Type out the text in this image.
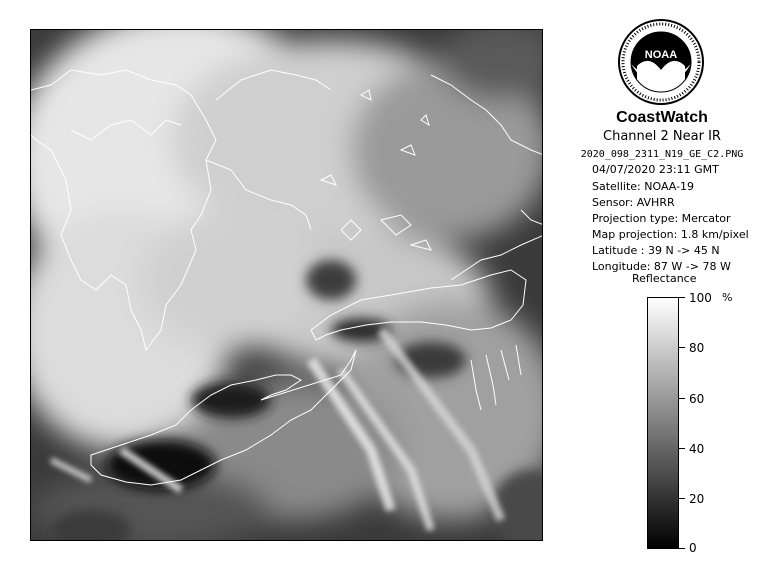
NOAA
CoastWatch
Channel 2 Near IR
2020_098_2311_N19_GE_C2.PNG
04/07/2020 23:11 GMT
Satellite: NOAA-19
Sensor: AVHRR
Projection type: Mercator
Map projection: 1.8 km/pixel
Latitude : 39 N -> 45 N
Longitude: 87 W -> 78 W
Reflectance
%
100
80
60
40
20
0
